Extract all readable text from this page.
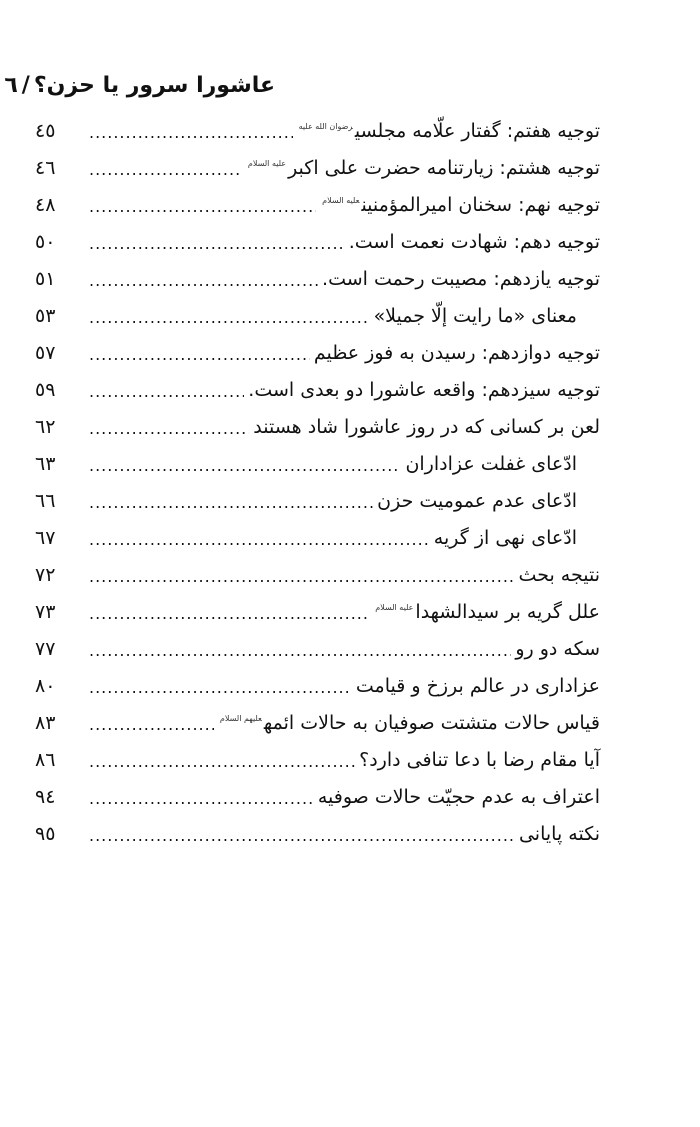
عاشورا سرور یا حزن؟/٦
٤٥ .....	توجیه هفتم: گفتار علّامه مجلسی$^{رضوان الله علیه}$
٤٦ .....	توجیه هشتم: زیارتنامه حضرت علی اکبر$^{علیه السلام}$
٤٨ .....	توجیه نهم: سخنان امیرالمؤمنین$^{علیه السلام}$
٥٠ .....	توجیه دهم: شهادت نعمت است.
٥١ .....	توجیه یازدهم: مصیبت رحمت است.
٥٣ .....	معنای «ما رایت إلّا جمیلا»
٥٧ .....	توجیه دوازدهم: رسیدن به فوز عظیم
٥٩ .....	توجیه سیزدهم: واقعه عاشورا دو بعدی است.
٦٢ .....	لعن بر کسانی که در روز عاشورا شاد هستند
٦٣ .....	ادّعای غفلت عزاداران
٦٦ .....	ادّعای عدم عمومیت حزن
٦٧ .....	ادّعای نهی از گریه
٧٢ .....	نتیجه بحث
٧٣ .....	علل گریه بر سیدالشهدا$^{علیه السلام}$
٧٧ .....	سکه دو رو
٨٠ .....	عزاداری در عالم برزخ و قیامت
٨٣ .....	قیاس حالات متشتت صوفیان به حالات ائمه$^{علیهم السلام}$
٨٦ .....	آیا مقام رضا با دعا تنافی دارد؟
٩٤ .....	اعتراف به عدم حجیّت حالات صوفیه
٩٥ .....	نکته پایانی
